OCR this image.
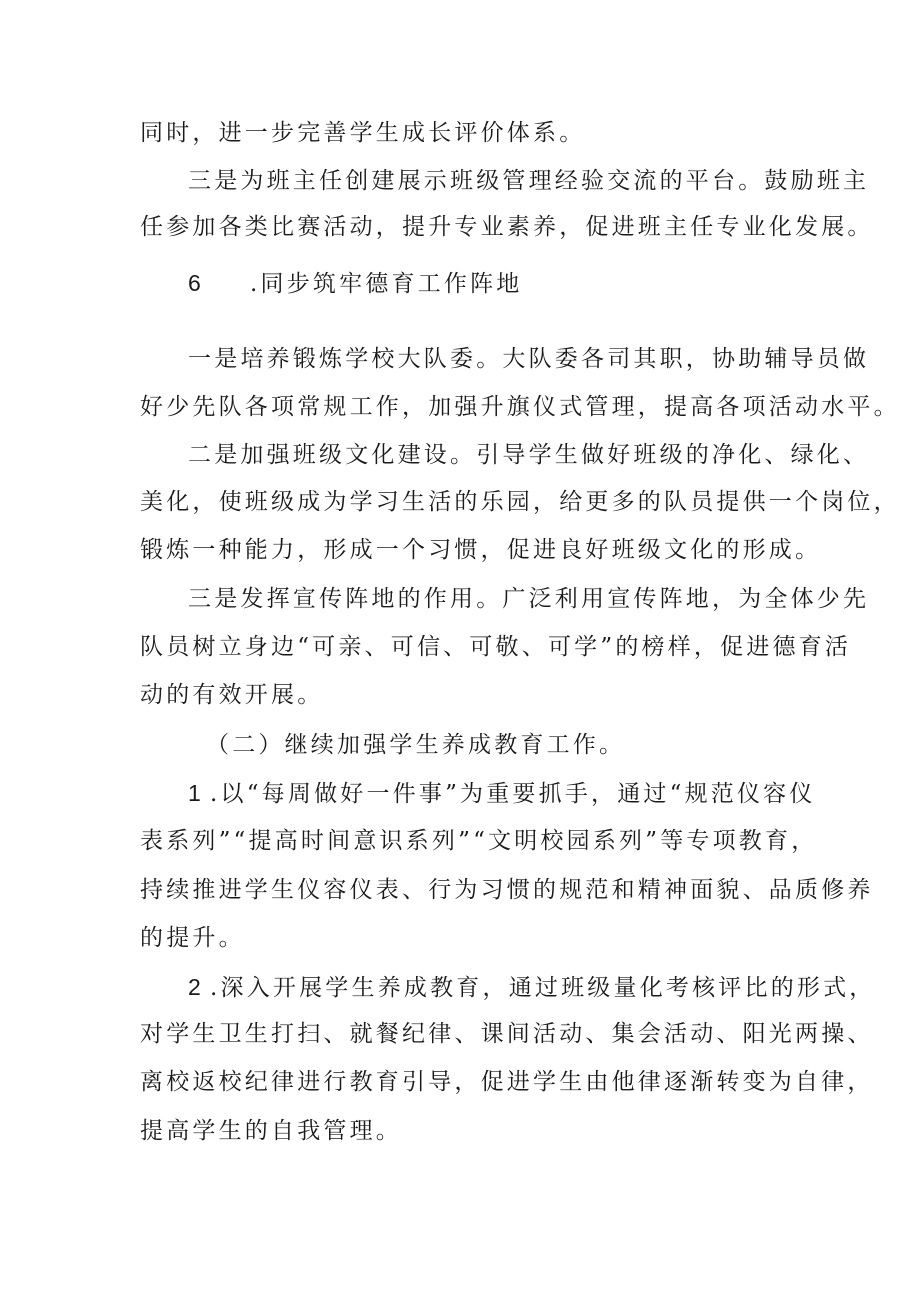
同时，进一步完善学生成长评价体系。
三是为班主任创建展示班级管理经验交流的平台。鼓励班主
任参加各类比赛活动，提升专业素养，促进班主任专业化发展。
6 .同步筑牢德育工作阵地
一是培养锻炼学校大队委。大队委各司其职，协助辅导员做
好少先队各项常规工作，加强升旗仪式管理，提高各项活动水平。
二是加强班级文化建设。引导学生做好班级的净化、绿化、
美化，使班级成为学习生活的乐园，给更多的队员提供一个岗位，
锻炼一种能力，形成一个习惯，促进良好班级文化的形成。
三是发挥宣传阵地的作用。广泛利用宣传阵地，为全体少先
队员树立身边“可亲、可信、可敬、可学”的榜样，促进德育活
动的有效开展。
（二）继续加强学生养成教育工作。
1 .以“每周做好一件事”为重要抓手，通过“规范仪容仪
表系列”“提高时间意识系列”“文明校园系列”等专项教育，
持续推进学生仪容仪表、行为习惯的规范和精神面貌、品质修养
的提升。
2 .深入开展学生养成教育，通过班级量化考核评比的形式，
对学生卫生打扫、就餐纪律、课间活动、集会活动、阳光两操、
离校返校纪律进行教育引导，促进学生由他律逐渐转变为自律，
提高学生的自我管理。
